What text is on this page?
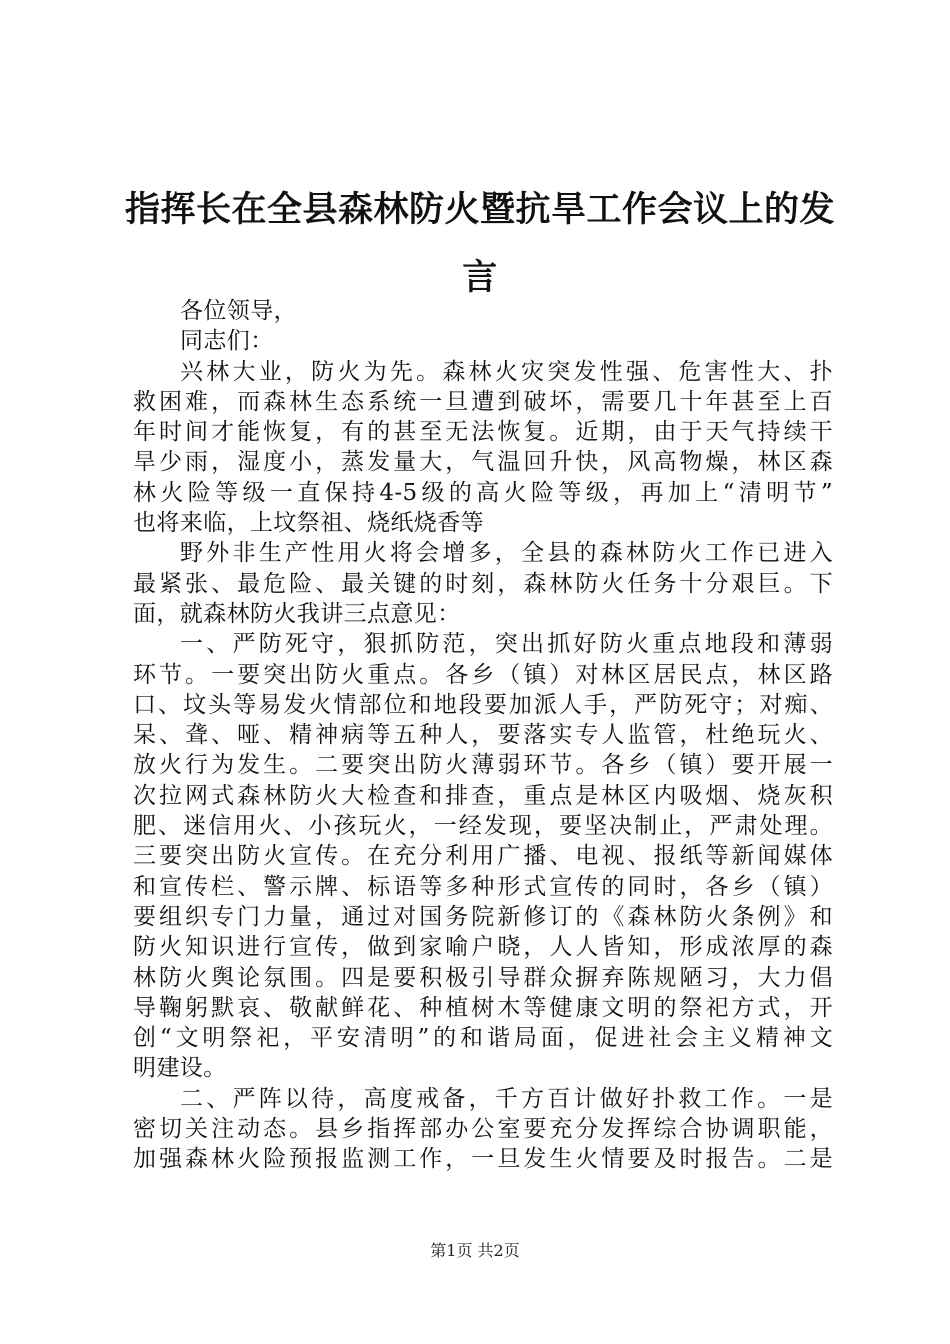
指挥长在全县森林防火暨抗旱工作会议上的发
言
各位领导，
同志们：
兴林大业，防火为先。森林火灾突发性强、危害性大、扑
救困难，而森林生态系统一旦遭到破坏，需要几十年甚至上百
年时间才能恢复，有的甚至无法恢复。近期，由于天气持续干
旱少雨，湿度小，蒸发量大，气温回升快，风高物燥，林区森
林火险等级一直保持4-5级的高火险等级，再加上“清明节”
也将来临，上坟祭祖、烧纸烧香等
野外非生产性用火将会增多，全县的森林防火工作已进入
最紧张、最危险、最关键的时刻，森林防火任务十分艰巨。下
面，就森林防火我讲三点意见：
一、严防死守，狠抓防范，突出抓好防火重点地段和薄弱
环节。一要突出防火重点。各乡（镇）对林区居民点，林区路
口、坟头等易发火情部位和地段要加派人手，严防死守；对痴、
呆、聋、哑、精神病等五种人，要落实专人监管，杜绝玩火、
放火行为发生。二要突出防火薄弱环节。各乡（镇）要开展一
次拉网式森林防火大检查和排查，重点是林区内吸烟、烧灰积
肥、迷信用火、小孩玩火，一经发现，要坚决制止，严肃处理。
三要突出防火宣传。在充分利用广播、电视、报纸等新闻媒体
和宣传栏、警示牌、标语等多种形式宣传的同时，各乡（镇）
要组织专门力量，通过对国务院新修订的《森林防火条例》和
防火知识进行宣传，做到家喻户晓，人人皆知，形成浓厚的森
林防火舆论氛围。四是要积极引导群众摒弃陈规陋习，大力倡
导鞠躬默哀、敬献鲜花、种植树木等健康文明的祭祀方式，开
创“文明祭祀，平安清明”的和谐局面，促进社会主义精神文
明建设。
二、严阵以待，高度戒备，千方百计做好扑救工作。一是
密切关注动态。县乡指挥部办公室要充分发挥综合协调职能，
加强森林火险预报监测工作，一旦发生火情要及时报告。二是
第1页 共2页
